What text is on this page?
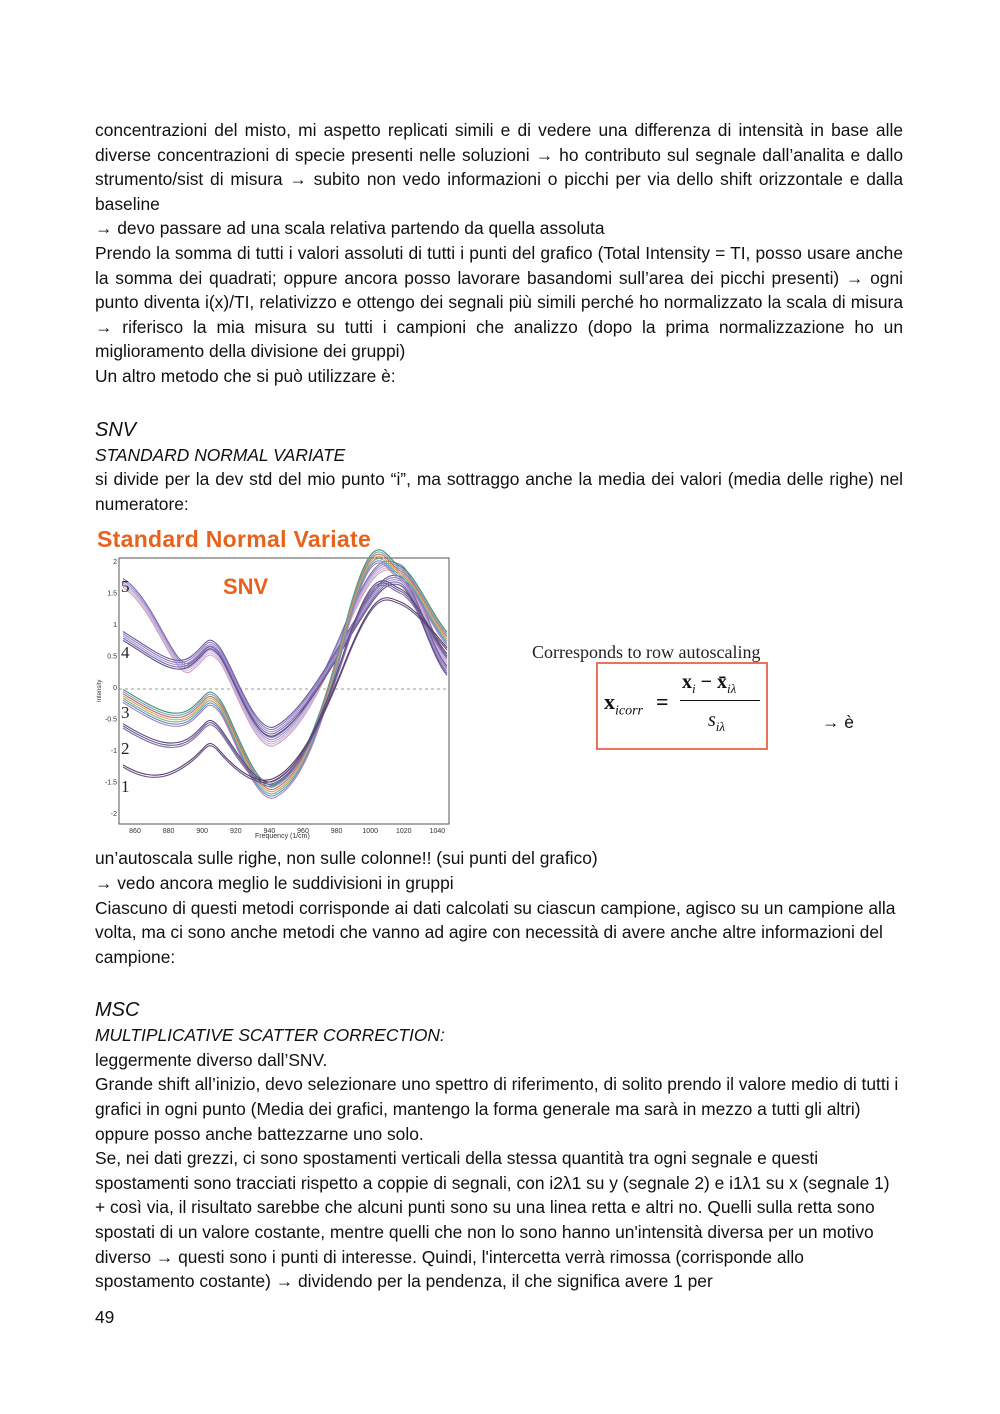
concentrazioni del misto, mi aspetto replicati simili e di vedere una differenza di intensità in base alle diverse concentrazioni di specie presenti nelle soluzioni → ho contributo sul segnale dall’analita e dallo strumento/sist di misura → subito non vedo informazioni o picchi per via dello shift orizzontale e dalla baseline

→ devo passare ad una scala relativa partendo da quella assoluta

Prendo la somma di tutti i valori assoluti di tutti i punti del grafico (Total Intensity = TI, posso usare anche la somma dei quadrati; oppure ancora posso lavorare basandomi sull’area dei picchi presenti) → ogni punto diventa i(x)/TI, relativizzo e ottengo dei segnali più simili perché ho normalizzato la scala di misura → riferisco la mia misura su tutti i campioni che analizzo (dopo la prima normalizzazione ho un miglioramento della divisione dei gruppi)

Un altro metodo che si può utilizzare è:

SNV

STANDARD NORMAL VARIATE

si divide per la dev std del mio punto “i”, ma sottraggo anche la media dei valori (media delle righe) nel numeratore:

2
1.5
1
0.5
0
-0.5
-1
-1.5
-2
860	880	900	920	940	960	980	1000	1020	1040
5
4
3
2
1
SNV
Intensity
Frequency (1/cm)
Standard Normal Variate
Corresponds to row autoscaling
$x_{icorr}$ =
$x_i$ − $x̄_{i\lambda}$
$s_{i\lambda}$	→ è

un’autoscala sulle righe, non sulle colonne!! (sui punti del grafico)

→ vedo ancora meglio le suddivisioni in gruppi

Ciascuno di questi metodi corrisponde ai dati calcolati su ciascun campione, agisco su un campione alla volta, ma ci sono anche metodi che vanno ad agire con necessità di avere anche altre informazioni del campione:

MSC

MULTIPLICATIVE SCATTER CORRECTION:

leggermente diverso dall’SNV.

Grande shift all’inizio, devo selezionare uno spettro di riferimento, di solito prendo il valore medio di tutti i grafici in ogni punto (Media dei grafici, mantengo la forma generale ma sarà in mezzo a tutti gli altri) oppure posso anche battezzarne uno solo.

Se, nei dati grezzi, ci sono spostamenti verticali della stessa quantità tra ogni segnale e questi spostamenti sono tracciati rispetto a coppie di segnali, con i2λ1 su y (segnale 2) e i1λ1 su x (segnale 1) + così via, il risultato sarebbe che alcuni punti sono su una linea retta e altri no. Quelli sulla retta sono spostati di un valore costante, mentre quelli che non lo sono hanno un'intensità diversa per un motivo diverso → questi sono i punti di interesse. Quindi, l'intercetta verrà rimossa (corrisponde allo spostamento costante) → dividendo per la pendenza, il che significa avere 1 per

49
